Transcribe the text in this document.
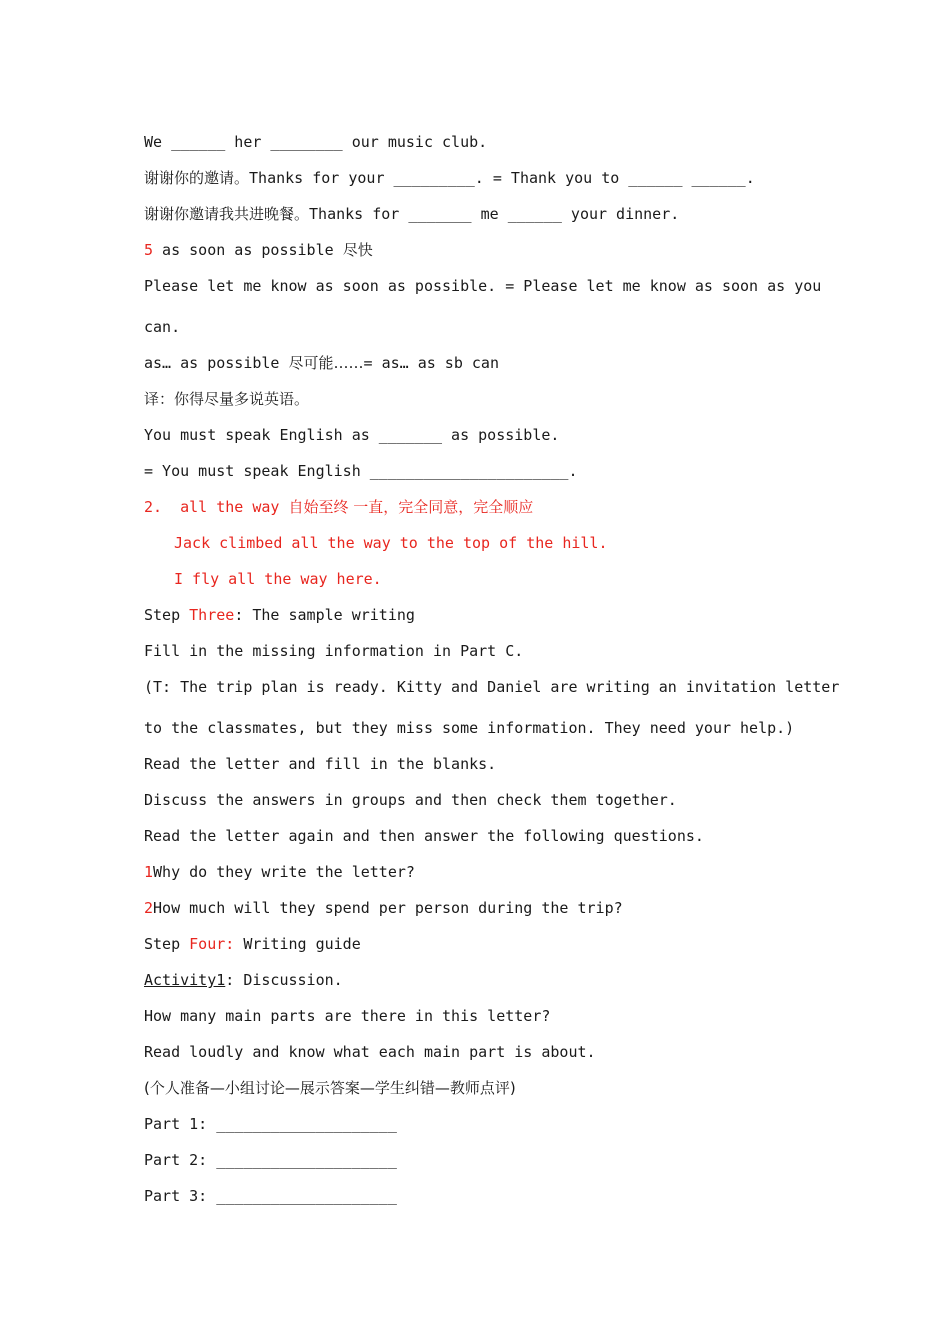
We ______ her ________ our music club.
谢谢你的邀请。Thanks for your _________. = Thank you to ______ ______.
谢谢你邀请我共进晚餐。Thanks for _______ me ______ your dinner.
5 as soon as possible 尽快
Please let me know as soon as possible. = Please let me know as soon as you
can.
as… as possible 尽可能……= as… as sb can
译：你得尽量多说英语。
You must speak English as _______ as possible.
= You must speak English ______________________.
2.  all the way 自始至终 一直，完全同意，完全顺应
Jack climbed all the way to the top of the hill.
I fly all the way here.
Step Three: The sample writing
Fill in the missing information in Part C.
(T: The trip plan is ready. Kitty and Daniel are writing an invitation letter
to the classmates, but they miss some information. They need your help.)
Read the letter and fill in the blanks.
Discuss the answers in groups and then check them together.
Read the letter again and then answer the following questions.
1Why do they write the letter?
2How much will they spend per person during the trip?
Step Four: Writing guide
Activity1: Discussion.
How many main parts are there in this letter?
Read loudly and know what each main part is about.
(个人准备—小组讨论—展示答案—学生纠错—教师点评)
Part 1: ____________________
Part 2: ____________________
Part 3: ____________________
